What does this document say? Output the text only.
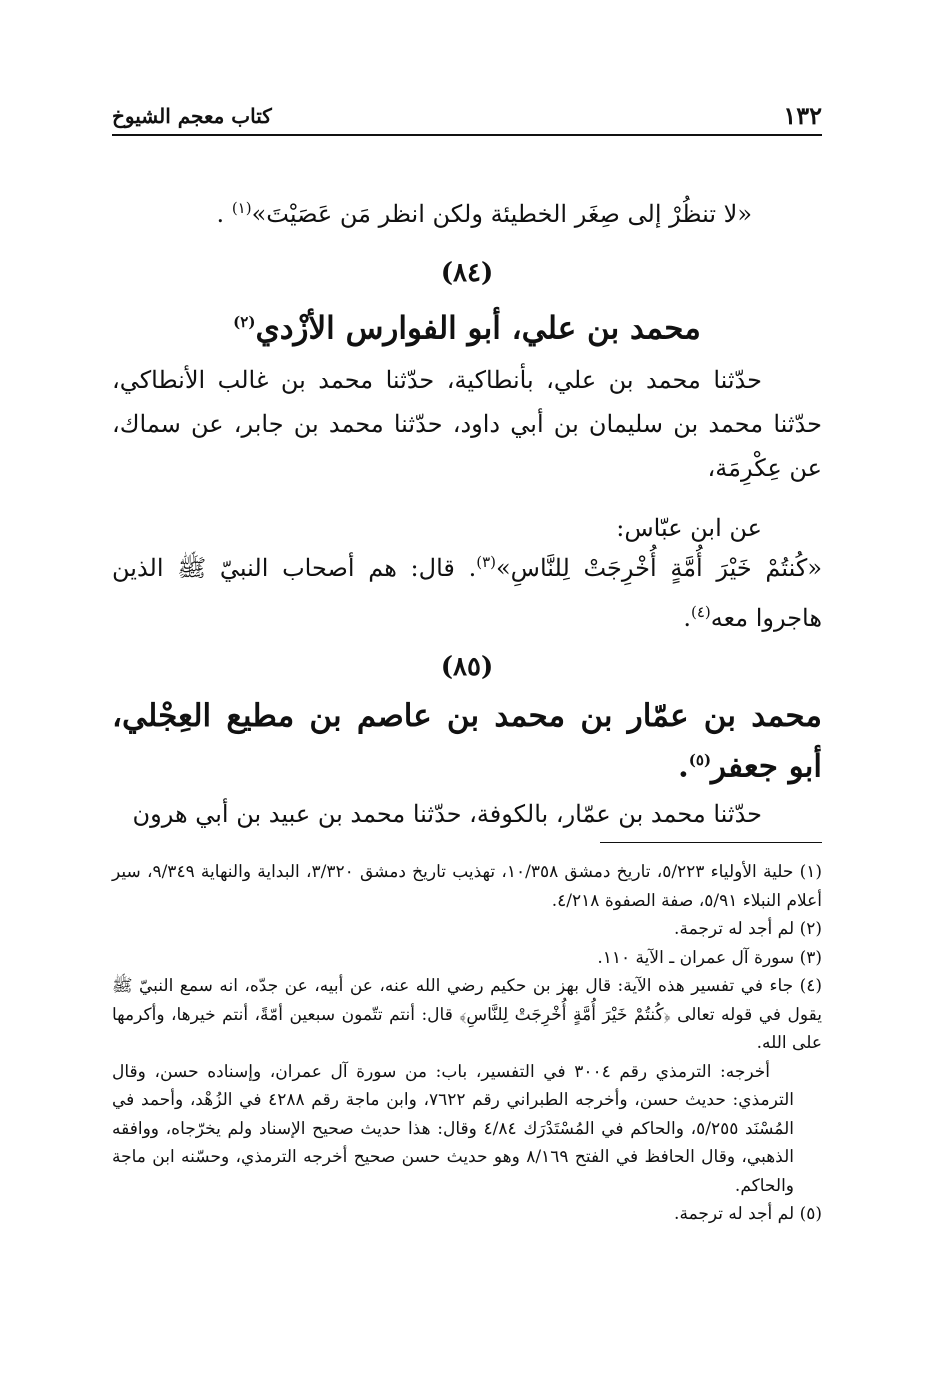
١٣٢
كتاب معجم الشيوخ
«لا تنظُرْ إلى صِغَر الخطيئة ولكن انظر مَن عَصَيْتَ»$^{(١)}$ .
(٨٤)
محمد بن علي، أبو الفوارس الأزْدي$^{(٢)}$
حدّثنا محمد بن علي، بأنطاكية، حدّثنا محمد بن غالب الأنطاكي، حدّثنا محمد بن سليمان بن أبي داود، حدّثنا محمد بن جابر، عن سماك، عن عِكْرِمَة،
عن ابن عبّاس:
«كُنتُمْ خَيْرَ أُمَّةٍ أُخْرِجَتْ لِلنَّاسِ»$^{(٣)}$. قال: هم أصحاب النبيّ ﷺ الذين هاجروا معه$^{(٤)}$.
(٨٥)
محمد بن عمّار بن محمد بن عاصم بن مطيع العِجْلي، أبو جعفر$^{(٥)}$.
حدّثنا محمد بن عمّار، بالكوفة، حدّثنا محمد بن عبيد بن أبي هرون
(١) حلية الأولياء ٥/٢٢٣، تاريخ دمشق ١٠/٣٥٨، تهذيب تاريخ دمشق ٣/٣٢٠، البداية والنهاية ٩/٣٤٩، سير أعلام النبلاء ٥/٩١، صفة الصفوة ٤/٢١٨.
(٢) لم أجد له ترجمة.
(٣) سورة آل عمران ـ الآية ١١٠.
(٤) جاء في تفسير هذه الآية: قال بهز بن حكيم رضي الله عنه، عن أبيه، عن جدّه، انه سمع النبيّ ﷺ يقول في قوله تعالى ﴿كُنتُمْ خَيْرَ أُمَّةٍ أُخْرِجَتْ لِلنَّاسِ﴾ قال: أنتم تتّمون سبعين أمّةً، أنتم خيرها، وأكرمها على الله.
أخرجه: الترمذي رقم ٣٠٠٤ في التفسير، باب: من سورة آل عمران، وإسناده حسن، وقال الترمذي: حديث حسن، وأخرجه الطبراني رقم ٧٦٢٢، وابن ماجة رقم ٤٢٨٨ في الزُهْد، وأحمد في المُسْنَد ٥/٢٥٥، والحاكم في المُسْتَدْرَك ٤/٨٤ وقال: هذا حديث صحيح الإسناد ولم يخرّجاه، ووافقه الذهبي، وقال الحافظ في الفتح ٨/١٦٩ وهو حديث حسن صحيح أخرجه الترمذي، وحسّنه ابن ماجة والحاكم.
(٥) لم أجد له ترجمة.
